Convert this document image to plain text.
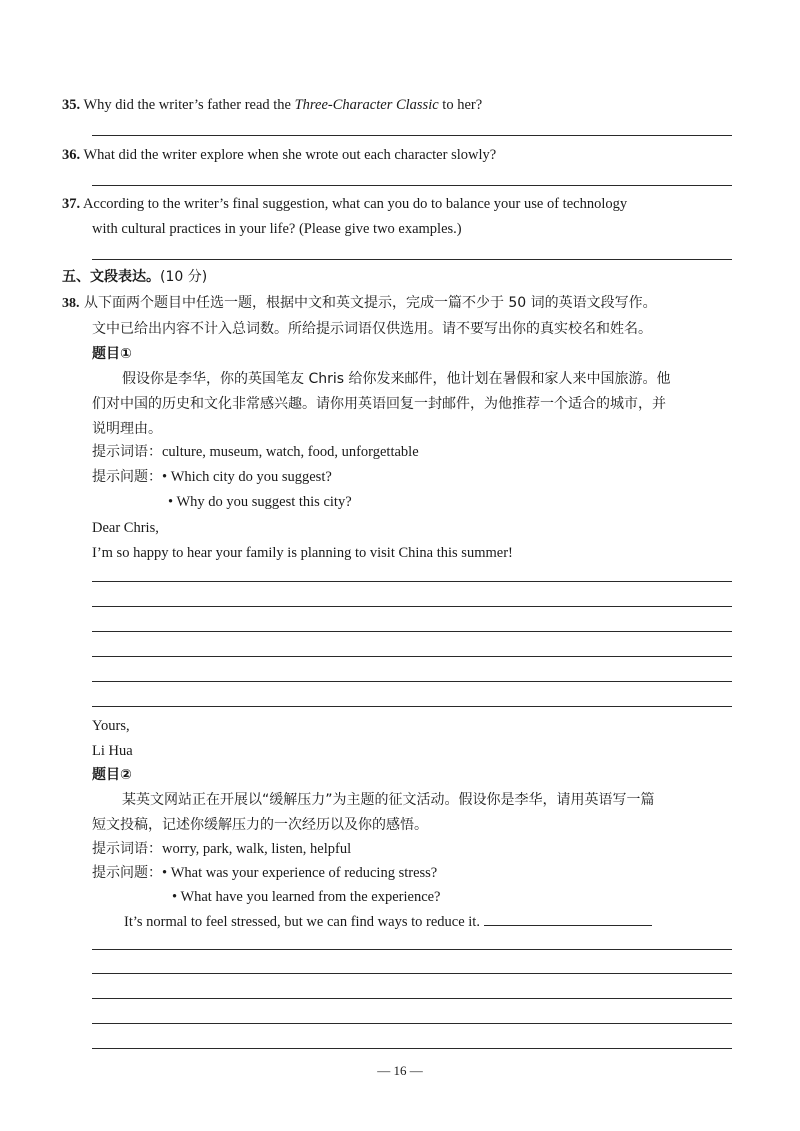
35. Why did the writer’s father read the Three-Character Classic to her?
36. What did the writer explore when she wrote out each character slowly?
37. According to the writer’s final suggestion, what can you do to balance your use of technology
with cultural practices in your life? (Please give two examples.)
五、文段表达。(10 分)
38. 从下面两个题目中任选一题，根据中文和英文提示，完成一篇不少于 50 词的英语文段写作。
文中已给出内容不计入总词数。所给提示词语仅供选用。请不要写出你的真实校名和姓名。
题目①
假设你是李华，你的英国笔友 Chris 给你发来邮件，他计划在暑假和家人来中国旅游。他
们对中国的历史和文化非常感兴趣。请你用英语回复一封邮件，为他推荐一个适合的城市，并
说明理由。
提示词语：culture, museum, watch, food, unforgettable
提示问题：• Which city do you suggest?
• Why do you suggest this city?
Dear Chris,
I’m so happy to hear your family is planning to visit China this summer!
Yours,
Li Hua
题目②
某英文网站正在开展以“缓解压力”为主题的征文活动。假设你是李华，请用英语写一篇
短文投稿，记述你缓解压力的一次经历以及你的感悟。
提示词语：worry, park, walk, listen, helpful
提示问题：• What was your experience of reducing stress?
• What have you learned from the experience?
It’s normal to feel stressed, but we can find ways to reduce it.
— 16 —
